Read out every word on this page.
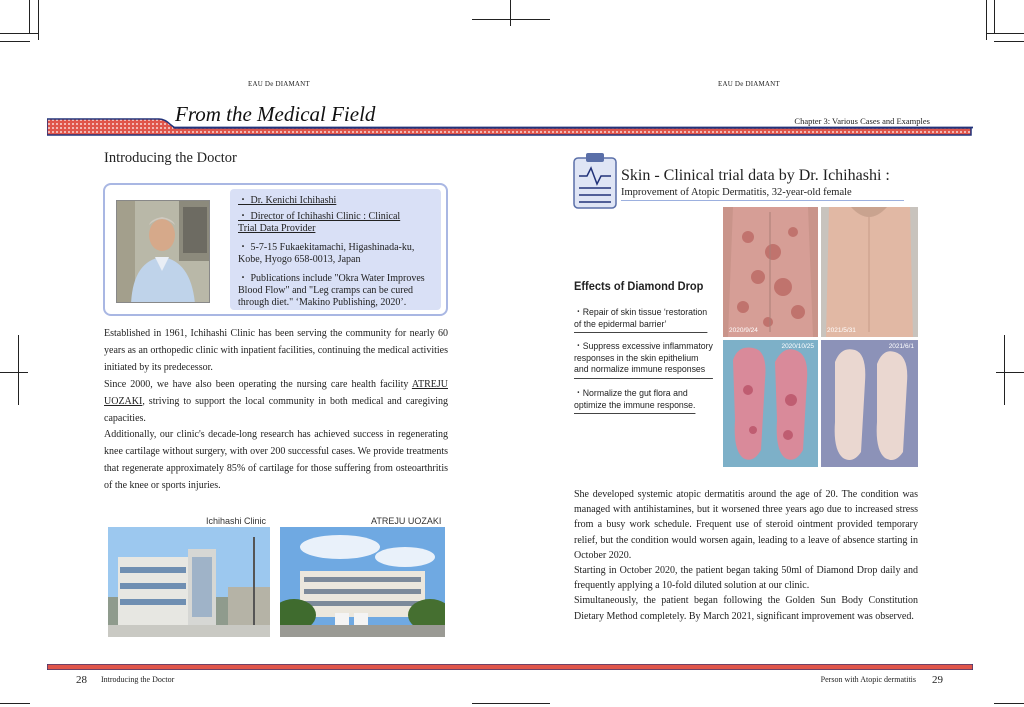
EAU De DIAMANT	EAU De DIAMANT
From the Medical Field	Chapter 3: Various Cases and Examples
Introducing the Doctor
・ Dr. Kenichi Ichihashi
・ Director of Ichihashi Clinic : Clinical
Trial Data Provider
・ 5-7-15 Fukaekitamachi, Higashinada-ku,
Kobe, Hyogo 658-0013, Japan
・ Publications include "Okra Water Improves
Blood Flow" and "Leg cramps can be cured
through diet." ‘Makino Publishing, 2020’.

Established in 1961, Ichihashi Clinic has been serving the community for nearly 60 years as an orthopedic clinic with inpatient facilities, continuing the medical activities initiated by its predecessor.

Since 2000, we have also been operating the nursing care health facility ATREJU UOZAKI, striving to support the local community in both medical and caregiving capacities.

Additionally, our clinic's decade-long research has achieved success in regenerating knee cartilage without surgery, with over 200 successful cases. We provide treatments that regenerate approximately 85% of cartilage for those suffering from osteoarthritis of the knee or sports injuries.

Ichihashi Clinic	ATREJU UOZAKI
Skin - Clinical trial data by Dr. Ichihashi :
Improvement of Atopic Dermatitis, 32-year-old female
Effects of Diamond Drop
・Repair of skin tissue ‘restoration
of the epidermal barrier’
・Suppress excessive inflammatory
responses in the skin epithelium
and normalize immune responses
・Normalize the gut flora and
optimize the immune response.
2020/9/24	2021/5/31
2020/10/25	2021/6/1

She developed systemic atopic dermatitis around the age of 20. The condition was managed with antihistamines, but it worsened three years ago due to increased stress from a busy work schedule. Frequent use of steroid ointment provided temporary relief, but the condition would worsen again, leading to a leave of absence starting in October 2020.

Starting in October 2020, the patient began taking 50ml of Diamond Drop daily and frequently applying a 10-fold diluted solution at our clinic.

Simultaneously, the patient began following the Golden Sun Body Constitution Dietary Method completely. By March 2021, significant improvement was observed.

28 Introducing the Doctor	Person with Atopic dermatitis 29
